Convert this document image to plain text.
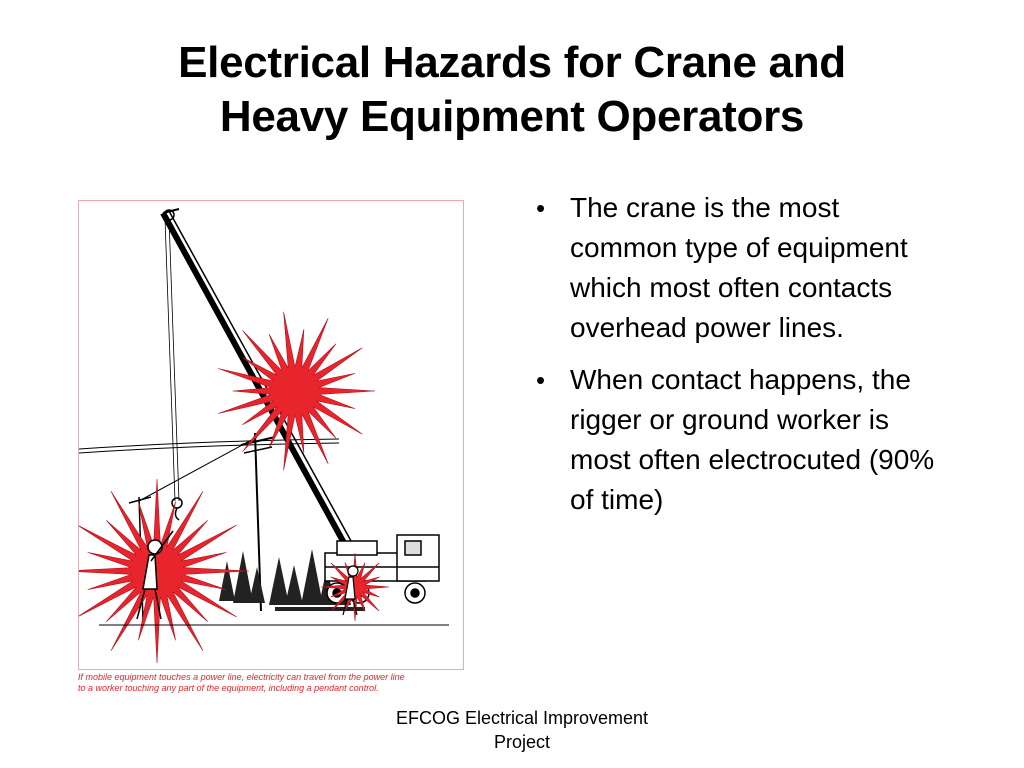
Electrical Hazards for Crane and
Heavy Equipment Operators
If mobile equipment touches a power line, electricity can travel from the power line
to a worker touching any part of the equipment, including a pendant control.
• The crane is the most common type of equipment which most often contacts overhead power lines.
• When contact happens, the rigger or ground worker is most often electrocuted (90% of time)
EFCOG Electrical Improvement
Project
